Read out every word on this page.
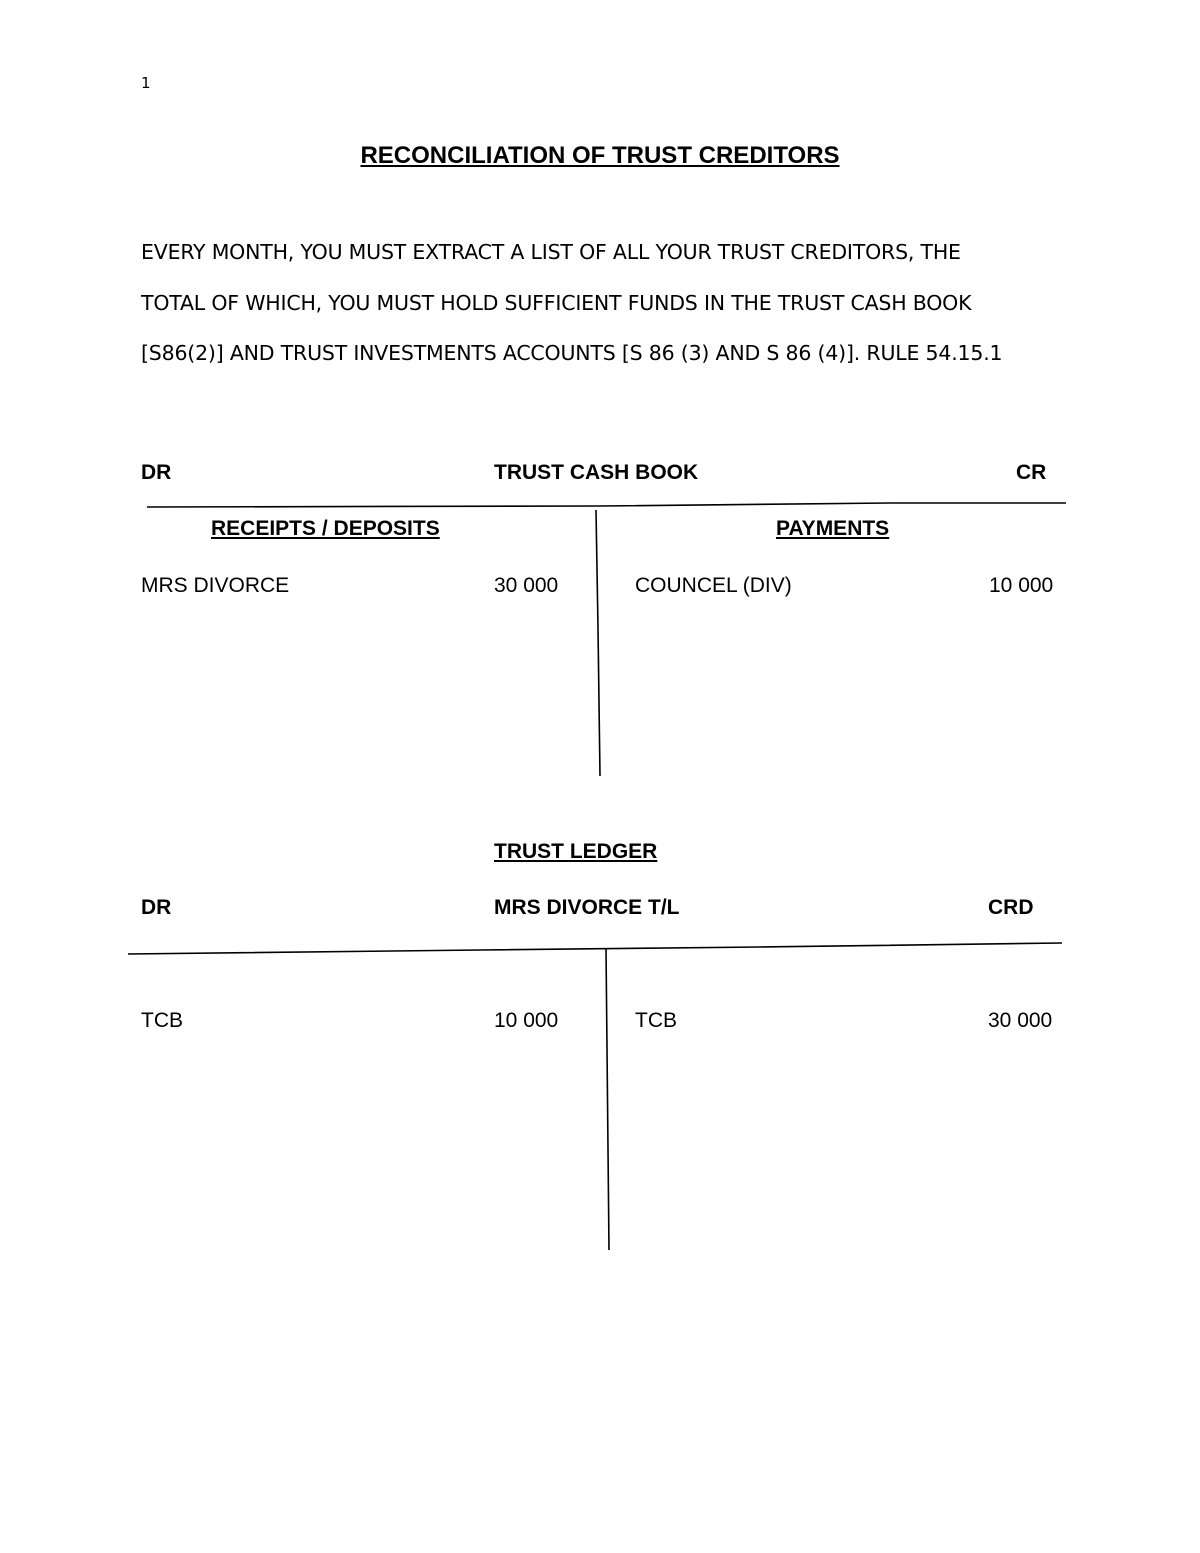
1
RECONCILIATION OF TRUST CREDITORS
EVERY MONTH, YOU MUST EXTRACT A LIST OF ALL YOUR TRUST CREDITORS, THE
TOTAL OF WHICH, YOU MUST HOLD SUFFICIENT FUNDS IN THE TRUST CASH BOOK
[S86(2)] AND TRUST INVESTMENTS ACCOUNTS [S 86 (3) AND S 86 (4)]. RULE 54.15.1
DR	TRUST CASH BOOK	CR
RECEIPTS / DEPOSITS	PAYMENTS
MRS DIVORCE	30 000	COUNCEL (DIV)	10 000
TRUST LEDGER
DR	MRS DIVORCE T/L	CRD
TCB	10 000	TCB	30 000
